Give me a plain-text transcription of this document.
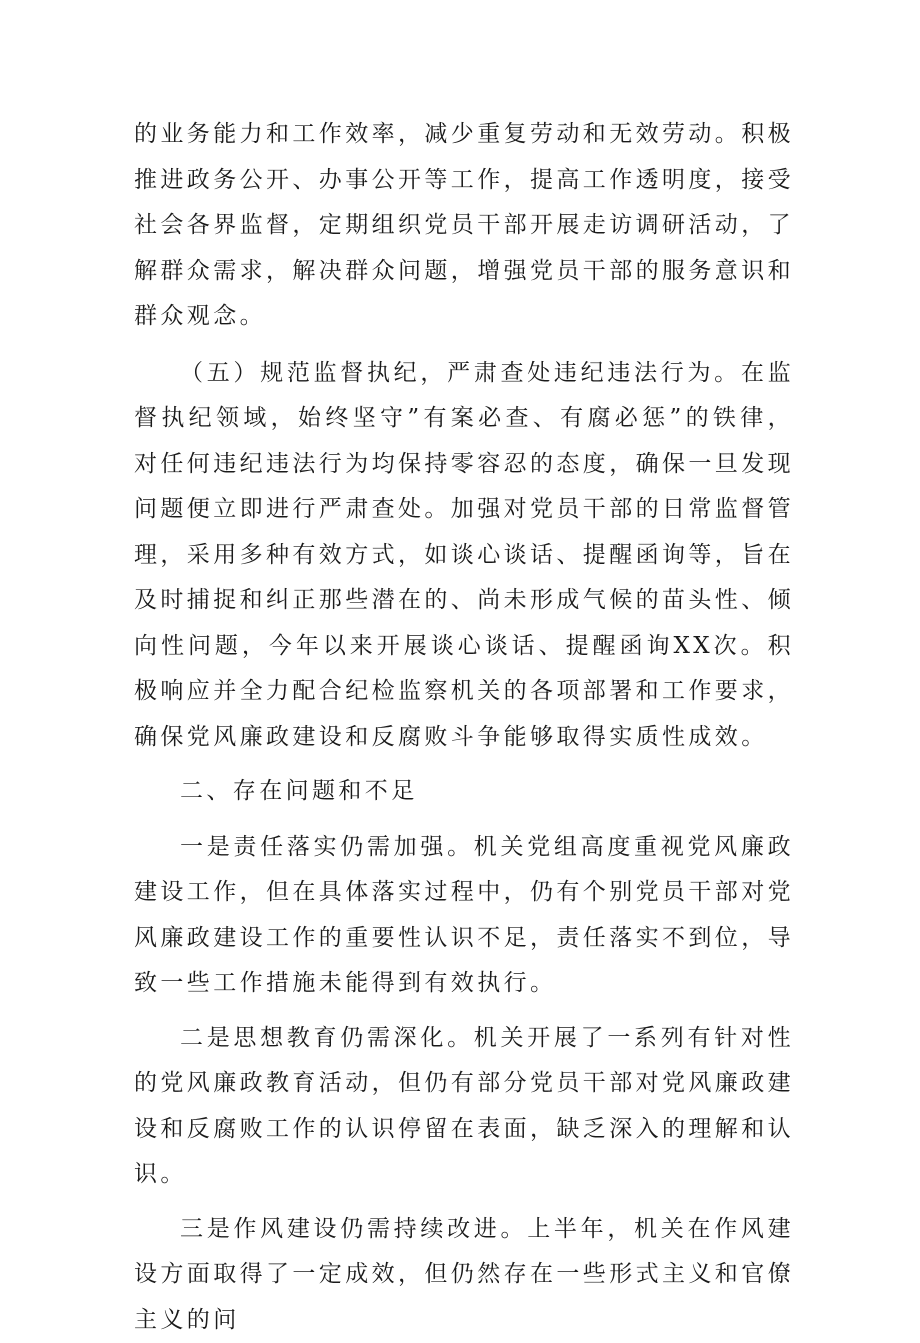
的业务能力和工作效率，减少重复劳动和无效劳动。积极推进政务公开、办事公开等工作，提高工作透明度，接受社会各界监督，定期组织党员干部开展走访调研活动，了解群众需求，解决群众问题，增强党员干部的服务意识和群众观念。

（五）规范监督执纪，严肃查处违纪违法行为。在监督执纪领域，始终坚守”有案必查、有腐必惩”的铁律，对任何违纪违法行为均保持零容忍的态度，确保一旦发现问题便立即进行严肃查处。加强对党员干部的日常监督管理，采用多种有效方式，如谈心谈话、提醒函询等，旨在及时捕捉和纠正那些潜在的、尚未形成气候的苗头性、倾向性问题，今年以来开展谈心谈话、提醒函询XX次。积极响应并全力配合纪检监察机关的各项部署和工作要求，确保党风廉政建设和反腐败斗争能够取得实质性成效。

二、存在问题和不足

一是责任落实仍需加强。机关党组高度重视党风廉政建设工作，但在具体落实过程中，仍有个别党员干部对党风廉政建设工作的重要性认识不足，责任落实不到位，导致一些工作措施未能得到有效执行。

二是思想教育仍需深化。机关开展了一系列有针对性的党风廉政教育活动，但仍有部分党员干部对党风廉政建设和反腐败工作的认识停留在表面，缺乏深入的理解和认识。

三是作风建设仍需持续改进。上半年，机关在作风建设方面取得了一定成效，但仍然存在一些形式主义和官僚主义的问
